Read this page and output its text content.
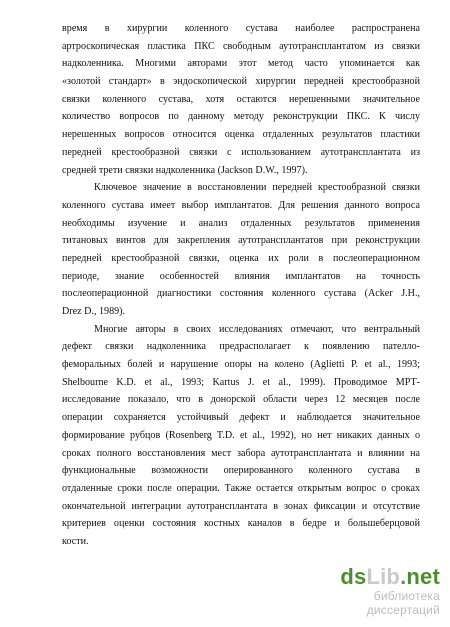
время в хирургии коленного сустава наиболее распространена
артроскопическая пластика ПКС свободным аутотрансплантатом из связки
надколенника. Многими авторами этот метод часто упоминается как
«золотой стандарт» в эндоскопической хирургии передней крестообразной
связки коленного сустава, хотя остаются нерешенными значительное
количество вопросов по данному методу реконструкции ПКС. К числу
нерешенных вопросов относится оценка отдаленных результатов пластики
передней крестообразной связки с использованием аутотрансплантата из
средней трети связки надколенника (Jackson D.W., 1997).
Ключевое значение в восстановлении передней крестообразной связки
коленного сустава имеет выбор имплантатов. Для решения данного вопроса
необходимы изучение и анализ отдаленных результатов применения
титановых винтов для закрепления аутотрансплантатов при реконструкции
передней крестообразной связки, оценка их роли в послеоперационном
периоде, знание особенностей влияния имплантатов на точность
послеоперационной диагностики состояния коленного сустава (Acker J.H.,
Drez D., 1989).
Многие авторы в своих исследованиях отмечают, что вентральный
дефект связки надколенника предрасполагает к появлению пателло-
феморальных болей и нарушение опоры на колено (Aglietti P. et al., 1993;
Shelbourne K.D. et al., 1993; Kartus J. et al., 1999). Проводимое МРТ-
исследование показало, что в донорской области через 12 месяцев после
операции сохраняется устойчивый дефект и наблюдается значительное
формирование рубцов (Rosenberg T.D. et al., 1992), но нет никаких данных о
сроках полного восстановления мест забора аутотрансплантата и влиянии на
функциональные возможности оперированного коленного сустава в
отдаленные сроки после операции. Также остается открытым вопрос о сроках
окончательной интеграции аутотрансплантата в зонах фиксации и отсутствие
критериев оценки состояния костных каналов в бедре и большеберцовой
кости.
dsLib.net
библиотека диссертаций
